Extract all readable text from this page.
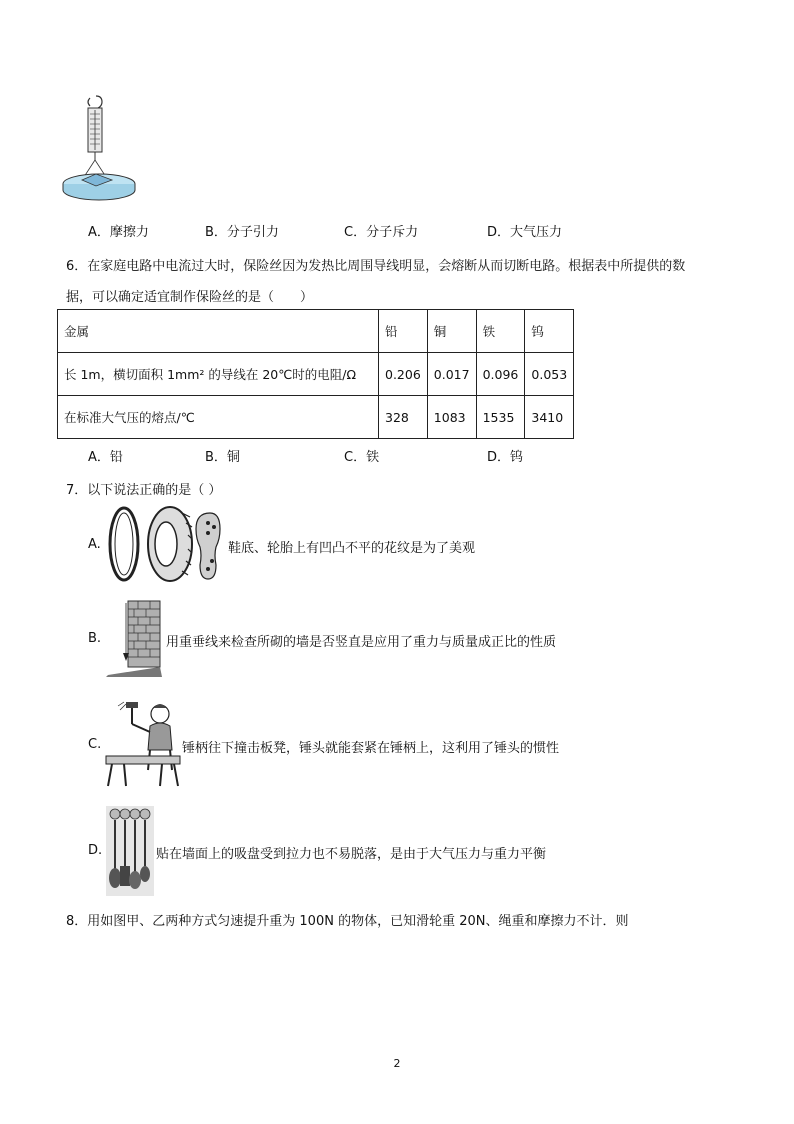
A．摩擦力	B．分子引力	C．分子斥力	D．大气压力
6．在家庭电路中电流过大时，保险丝因为发热比周围导线明显，会熔断从而切断电路。根据表中所提供的数
据，可以确定适宜制作保险丝的是（　　）
金属	铅	铜	铁	钨
长 1m，横切面积 1mm² 的导线在 20℃时的电阻/Ω	0.206	0.017	0.096	0.053
在标准大气压的熔点/℃	328	1083	1535	3410
A．铅	B．铜	C．铁	D．钨
7．以下说法正确的是（ ）
A.	鞋底、轮胎上有凹凸不平的花纹是为了美观
B.	用重垂线来检查所砌的墙是否竖直是应用了重力与质量成正比的性质
C.	锤柄往下撞击板凳，锤头就能套紧在锤柄上，这利用了锤头的惯性
D.	贴在墙面上的吸盘受到拉力也不易脱落，是由于大气压力与重力平衡
8．用如图甲、乙两种方式匀速提升重为 100N 的物体，已知滑轮重 20N、绳重和摩擦力不计．则
2
